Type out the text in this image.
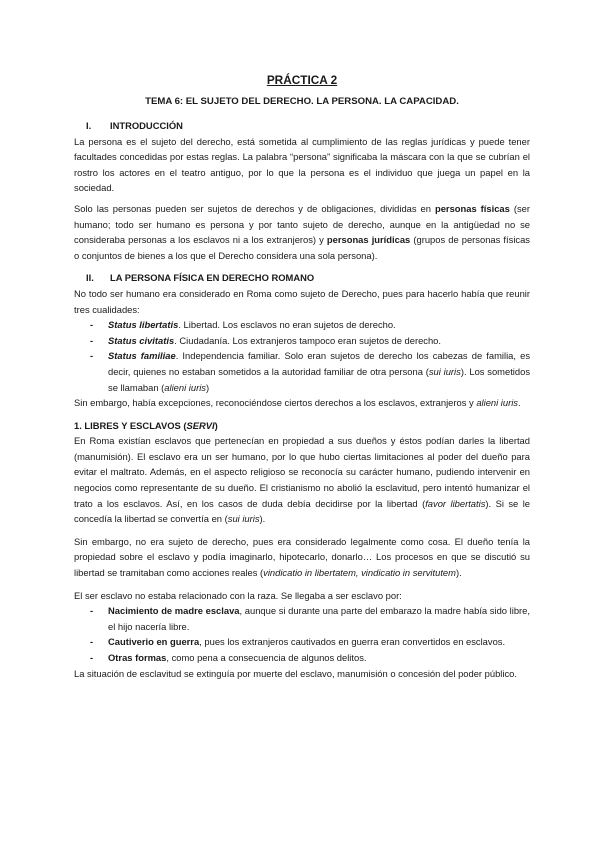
PRÁCTICA 2
TEMA 6: EL SUJETO DEL DERECHO. LA PERSONA. LA CAPACIDAD.
I.	INTRODUCCIÓN

La persona es el sujeto del derecho, está sometida al cumplimiento de las reglas jurídicas y puede tener facultades concedidas por estas reglas. La palabra “persona” significaba la máscara con la que se cubrían el rostro los actores en el teatro antiguo, por lo que la persona es el individuo que juega un papel en la sociedad.

Solo las personas pueden ser sujetos de derechos y de obligaciones, divididas en personas físicas (ser humano; todo ser humano es persona y por tanto sujeto de derecho, aunque en la antigüedad no se consideraba personas a los esclavos ni a los extranjeros) y personas jurídicas (grupos de personas físicas o conjuntos de bienes a los que el Derecho considera una sola persona).

II.	LA PERSONA FÍSICA EN DERECHO ROMANO

No todo ser humano era considerado en Roma como sujeto de Derecho, pues para hacerlo había que reunir tres cualidades:

- Status libertatis. Libertad. Los esclavos no eran sujetos de derecho.
- Status civitatis. Ciudadanía. Los extranjeros tampoco eran sujetos de derecho.
- Status familiae. Independencia familiar. Solo eran sujetos de derecho los cabezas de familia, es decir, quienes no estaban sometidos a la autoridad familiar de otra persona (sui iuris). Los sometidos se llamaban (alieni iuris)

Sin embargo, había excepciones, reconociéndose ciertos derechos a los esclavos, extranjeros y alieni iuris.

1. LIBRES Y ESCLAVOS (SERVI)

En Roma existían esclavos que pertenecían en propiedad a sus dueños y éstos podían darles la libertad (manumisión). El esclavo era un ser humano, por lo que hubo ciertas limitaciones al poder del dueño para evitar el maltrato. Además, en el aspecto religioso se reconocía su carácter humano, pudiendo intervenir en negocios como representante de su dueño. El cristianismo no abolió la esclavitud, pero intentó humanizar el trato a los esclavos. Así, en los casos de duda debía decidirse por la libertad (favor libertatis). Si se le concedía la libertad se convertía en (sui iuris).

Sin embargo, no era sujeto de derecho, pues era considerado legalmente como cosa. El dueño tenía la propiedad sobre el esclavo y podía imaginarlo, hipotecarlo, donarlo… Los procesos en que se discutió su libertad se tramitaban como acciones reales (vindicatio in libertatem, vindicatio in servitutem).

El ser esclavo no estaba relacionado con la raza. Se llegaba a ser esclavo por:

- Nacimiento de madre esclava, aunque si durante una parte del embarazo la madre había sido libre, el hijo nacería libre.
- Cautiverio en guerra, pues los extranjeros cautivados en guerra eran convertidos en esclavos.
- Otras formas, como pena a consecuencia de algunos delitos.

La situación de esclavitud se extinguía por muerte del esclavo, manumisión o concesión del poder público.
